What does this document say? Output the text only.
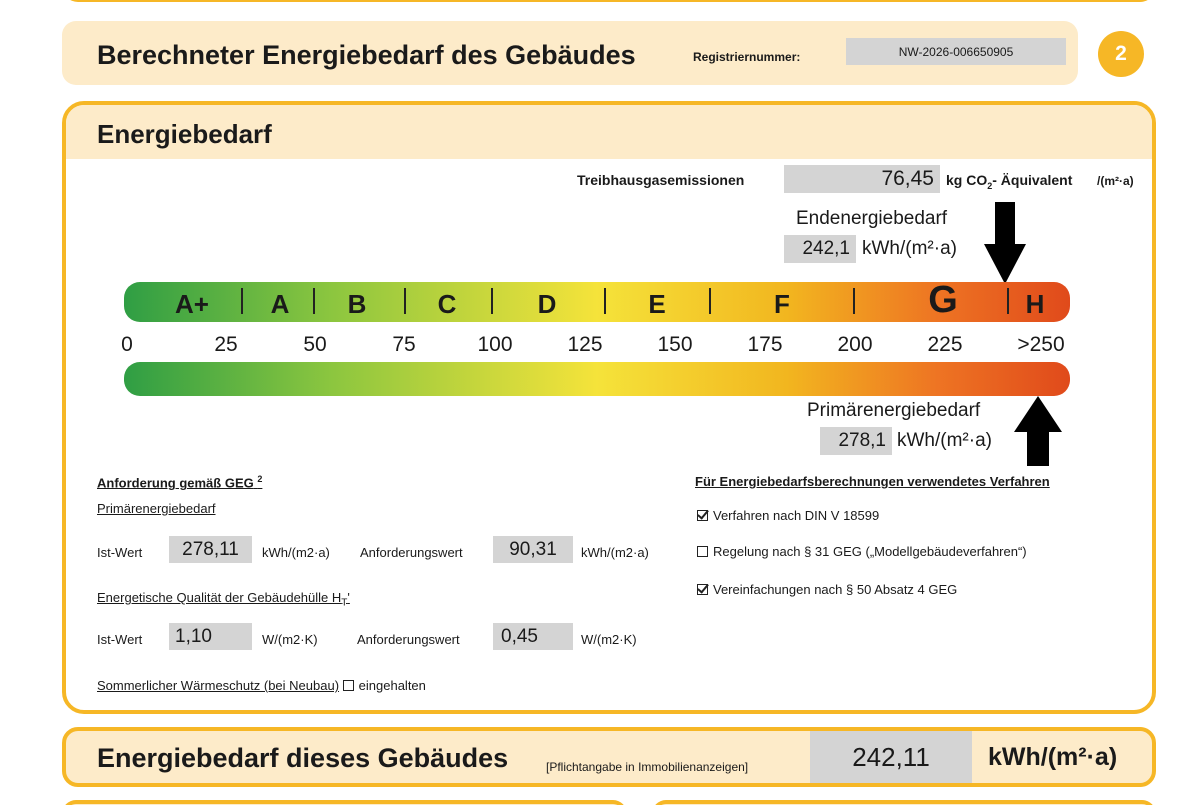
Berechneter Energiebedarf des Gebäudes	Registriernummer:	NW-2026-006650905	2
Energiebedarf
Treibhausgasemissionen	76,45 kg $CO_2-$ Äquivalent /(m²·a)
Endenergiebedarf
242,1 kWh/(m²·a)
A+ A B	C	D	E	F	G	H
0	25	50	75	100	125	150	175	200	225	>250
Primärenergiebedarf
278,1 kWh/(m²·a)
Anforderung gemäß GEG $^2$
Primärenergiebedarf
Ist-Wert	278,11	kWh/(m2·a) Anforderungswert	90,31	kWh/(m2·a)
Energetische Qualität der Gebäudehülle $H_T'$
Ist-Wert	1,10	W/(m2·K)	Anforderungswert	0,45	W/(m2·K)
Sommerlicher Wärmeschutz (bei Neubau) eingehalten
Für Energiebedarfsberechnungen verwendetes Verfahren
Verfahren nach DIN V 18599
Regelung nach § 31 GEG („Modellgebäudeverfahren“)
Vereinfachungen nach § 50 Absatz 4 GEG
Energiebedarf dieses Gebäudes	[Pflichtangabe in Immobilienanzeigen]	242,11	kWh/(m²·a)
